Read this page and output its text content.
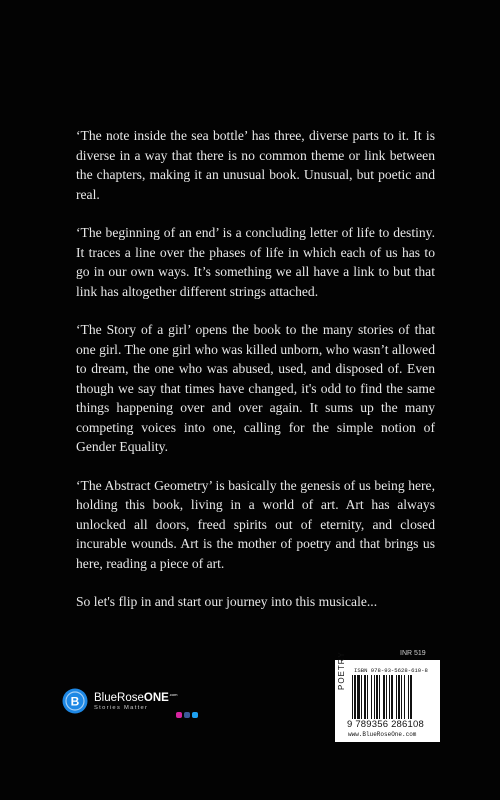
‘The note inside the sea bottle’ has three, diverse parts to it. It is diverse in a way that there is no common theme or link between the chapters, making it an unusual book. Unusual, but poetic and real.

‘The beginning of an end’ is a concluding letter of life to destiny. It traces a line over the phases of life in which each of us has to go in our own ways. It’s something we all have a link to but that link has altogether different strings attached.

‘The Story of a girl’ opens the book to the many stories of that one girl. The one girl who was killed unborn, who wasn’t allowed to dream, the one who was abused, used, and disposed of. Even though we say that times have changed, it's odd to find the same things happening over and over again. It sums up the many competing voices into one, calling for the simple notion of Gender Equality.

‘The Abstract Geometry’ is basically the genesis of us being here, holding this book, living in a world of art. Art has always unlocked all doors, freed spirits out of eternity, and closed incurable wounds. Art is the mother of poetry and that brings us here, reading a piece of art.

So let's flip in and start our journey into this musicale...

INR 519
POETRY ISBN 978-93-5628-610-8
9 789356 286108
www.BlueRoseOne.com
B BlueRoseONE$^{.com}$
Stories Matter
